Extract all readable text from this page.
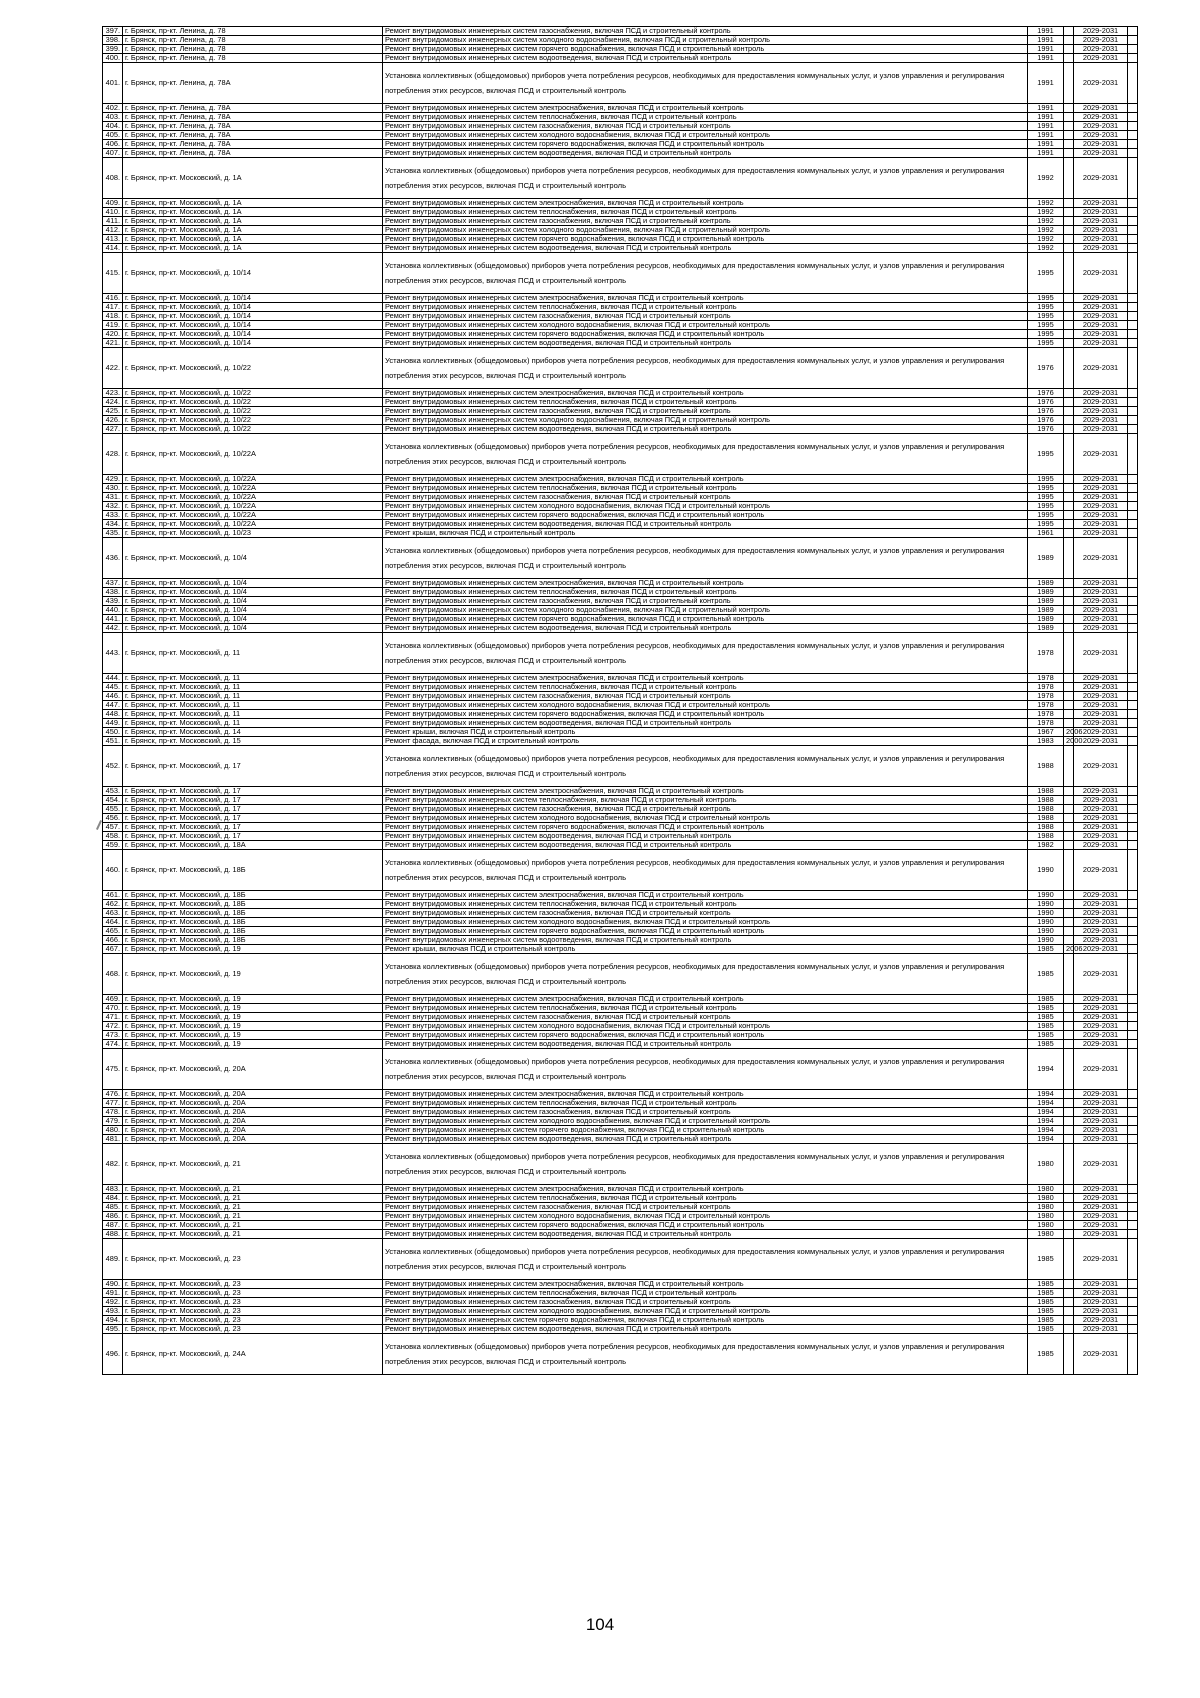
397.	г. Брянск, пр-кт. Ленина, д. 78	Ремонт внутридомовых инженерных систем газоснабжения, включая ПСД и строительный контроль	1991		2029-2031	
398.	г. Брянск, пр-кт. Ленина, д. 78	Ремонт внутридомовых инженерных систем холодного водоснабжения, включая ПСД и строительный контроль	1991		2029-2031	
399.	г. Брянск, пр-кт. Ленина, д. 78	Ремонт внутридомовых инженерных систем горячего водоснабжения, включая ПСД и строительный контроль	1991		2029-2031	
400.	г. Брянск, пр-кт. Ленина, д. 78	Ремонт внутридомовых инженерных систем водоотведения, включая ПСД и строительный контроль	1991		2029-2031	
401.	г. Брянск, пр-кт. Ленина, д. 78А	Установка коллективных (общедомовых) приборов учета потребления ресурсов, необходимых для предоставления коммунальных услуг, и узлов управления и регулирования потребления этих ресурсов, включая ПСД и строительный контроль	1991		2029-2031	
402.	г. Брянск, пр-кт. Ленина, д. 78А	Ремонт внутридомовых инженерных систем электроснабжения, включая ПСД и строительный контроль	1991		2029-2031	
403.	г. Брянск, пр-кт. Ленина, д. 78А	Ремонт внутридомовых инженерных систем теплоснабжения, включая ПСД и строительный контроль	1991		2029-2031	
404.	г. Брянск, пр-кт. Ленина, д. 78А	Ремонт внутридомовых инженерных систем газоснабжения, включая ПСД и строительный контроль	1991		2029-2031	
405.	г. Брянск, пр-кт. Ленина, д. 78А	Ремонт внутридомовых инженерных систем холодного водоснабжения, включая ПСД и строительный контроль	1991		2029-2031	
406.	г. Брянск, пр-кт. Ленина, д. 78А	Ремонт внутридомовых инженерных систем горячего водоснабжения, включая ПСД и строительный контроль	1991		2029-2031	
407.	г. Брянск, пр-кт. Ленина, д. 78А	Ремонт внутридомовых инженерных систем водоотведения, включая ПСД и строительный контроль	1991		2029-2031	
408.	г. Брянск, пр-кт. Московский, д. 1А	Установка коллективных (общедомовых) приборов учета потребления ресурсов, необходимых для предоставления коммунальных услуг, и узлов управления и регулирования потребления этих ресурсов, включая ПСД и строительный контроль	1992		2029-2031	
409.	г. Брянск, пр-кт. Московский, д. 1А	Ремонт внутридомовых инженерных систем электроснабжения, включая ПСД и строительный контроль	1992		2029-2031	
410.	г. Брянск, пр-кт. Московский, д. 1А	Ремонт внутридомовых инженерных систем теплоснабжения, включая ПСД и строительный контроль	1992		2029-2031	
411.	г. Брянск, пр-кт. Московский, д. 1А	Ремонт внутридомовых инженерных систем газоснабжения, включая ПСД и строительный контроль	1992		2029-2031	
412.	г. Брянск, пр-кт. Московский, д. 1А	Ремонт внутридомовых инженерных систем холодного водоснабжения, включая ПСД и строительный контроль	1992		2029-2031	
413.	г. Брянск, пр-кт. Московский, д. 1А	Ремонт внутридомовых инженерных систем горячего водоснабжения, включая ПСД и строительный контроль	1992		2029-2031	
414.	г. Брянск, пр-кт. Московский, д. 1А	Ремонт внутридомовых инженерных систем водоотведения, включая ПСД и строительный контроль	1992		2029-2031	
415.	г. Брянск, пр-кт. Московский, д. 10/14	Установка коллективных (общедомовых) приборов учета потребления ресурсов, необходимых для предоставления коммунальных услуг, и узлов управления и регулирования потребления этих ресурсов, включая ПСД и строительный контроль	1995		2029-2031	
416.	г. Брянск, пр-кт. Московский, д. 10/14	Ремонт внутридомовых инженерных систем электроснабжения, включая ПСД и строительный контроль	1995		2029-2031	
417.	г. Брянск, пр-кт. Московский, д. 10/14	Ремонт внутридомовых инженерных систем теплоснабжения, включая ПСД и строительный контроль	1995		2029-2031	
418.	г. Брянск, пр-кт. Московский, д. 10/14	Ремонт внутридомовых инженерных систем газоснабжения, включая ПСД и строительный контроль	1995		2029-2031	
419.	г. Брянск, пр-кт. Московский, д. 10/14	Ремонт внутридомовых инженерных систем холодного водоснабжения, включая ПСД и строительный контроль	1995		2029-2031	
420.	г. Брянск, пр-кт. Московский, д. 10/14	Ремонт внутридомовых инженерных систем горячего водоснабжения, включая ПСД и строительный контроль	1995		2029-2031	
421.	г. Брянск, пр-кт. Московский, д. 10/14	Ремонт внутридомовых инженерных систем водоотведения, включая ПСД и строительный контроль	1995		2029-2031	
422.	г. Брянск, пр-кт. Московский, д. 10/22	Установка коллективных (общедомовых) приборов учета потребления ресурсов, необходимых для предоставления коммунальных услуг, и узлов управления и регулирования потребления этих ресурсов, включая ПСД и строительный контроль	1976		2029-2031	
423.	г. Брянск, пр-кт. Московский, д. 10/22	Ремонт внутридомовых инженерных систем электроснабжения, включая ПСД и строительный контроль	1976		2029-2031	
424.	г. Брянск, пр-кт. Московский, д. 10/22	Ремонт внутридомовых инженерных систем теплоснабжения, включая ПСД и строительный контроль	1976		2029-2031	
425.	г. Брянск, пр-кт. Московский, д. 10/22	Ремонт внутридомовых инженерных систем газоснабжения, включая ПСД и строительный контроль	1976		2029-2031	
426.	г. Брянск, пр-кт. Московский, д. 10/22	Ремонт внутридомовых инженерных систем холодного водоснабжения, включая ПСД и строительный контроль	1976		2029-2031	
427.	г. Брянск, пр-кт. Московский, д. 10/22	Ремонт внутридомовых инженерных систем водоотведения, включая ПСД и строительный контроль	1976		2029-2031	
428.	г. Брянск, пр-кт. Московский, д. 10/22А	Установка коллективных (общедомовых) приборов учета потребления ресурсов, необходимых для предоставления коммунальных услуг, и узлов управления и регулирования потребления этих ресурсов, включая ПСД и строительный контроль	1995		2029-2031	
429.	г. Брянск, пр-кт. Московский, д. 10/22А	Ремонт внутридомовых инженерных систем электроснабжения, включая ПСД и строительный контроль	1995		2029-2031	
430.	г. Брянск, пр-кт. Московский, д. 10/22А	Ремонт внутридомовых инженерных систем теплоснабжения, включая ПСД и строительный контроль	1995		2029-2031	
431.	г. Брянск, пр-кт. Московский, д. 10/22А	Ремонт внутридомовых инженерных систем газоснабжения, включая ПСД и строительный контроль	1995		2029-2031	
432.	г. Брянск, пр-кт. Московский, д. 10/22А	Ремонт внутридомовых инженерных систем холодного водоснабжения, включая ПСД и строительный контроль	1995		2029-2031	
433.	г. Брянск, пр-кт. Московский, д. 10/22А	Ремонт внутридомовых инженерных систем горячего водоснабжения, включая ПСД и строительный контроль	1995		2029-2031	
434.	г. Брянск, пр-кт. Московский, д. 10/22А	Ремонт внутридомовых инженерных систем водоотведения, включая ПСД и строительный контроль	1995		2029-2031	
435.	г. Брянск, пр-кт. Московский, д. 10/23	Ремонт крыши, включая ПСД и строительный контроль	1961		2029-2031	
436.	г. Брянск, пр-кт. Московский, д. 10/4	Установка коллективных (общедомовых) приборов учета потребления ресурсов, необходимых для предоставления коммунальных услуг, и узлов управления и регулирования потребления этих ресурсов, включая ПСД и строительный контроль	1989		2029-2031	
437.	г. Брянск, пр-кт. Московский, д. 10/4	Ремонт внутридомовых инженерных систем электроснабжения, включая ПСД и строительный контроль	1989		2029-2031	
438.	г. Брянск, пр-кт. Московский, д. 10/4	Ремонт внутридомовых инженерных систем теплоснабжения, включая ПСД и строительный контроль	1989		2029-2031	
439.	г. Брянск, пр-кт. Московский, д. 10/4	Ремонт внутридомовых инженерных систем газоснабжения, включая ПСД и строительный контроль	1989		2029-2031	
440.	г. Брянск, пр-кт. Московский, д. 10/4	Ремонт внутридомовых инженерных систем холодного водоснабжения, включая ПСД и строительный контроль	1989		2029-2031	
441.	г. Брянск, пр-кт. Московский, д. 10/4	Ремонт внутридомовых инженерных систем горячего водоснабжения, включая ПСД и строительный контроль	1989		2029-2031	
442.	г. Брянск, пр-кт. Московский, д. 10/4	Ремонт внутридомовых инженерных систем водоотведения, включая ПСД и строительный контроль	1989		2029-2031	
443.	г. Брянск, пр-кт. Московский, д. 11	Установка коллективных (общедомовых) приборов учета потребления ресурсов, необходимых для предоставления коммунальных услуг, и узлов управления и регулирования потребления этих ресурсов, включая ПСД и строительный контроль	1978		2029-2031	
444.	г. Брянск, пр-кт. Московский, д. 11	Ремонт внутридомовых инженерных систем электроснабжения, включая ПСД и строительный контроль	1978		2029-2031	
445.	г. Брянск, пр-кт. Московский, д. 11	Ремонт внутридомовых инженерных систем теплоснабжения, включая ПСД и строительный контроль	1978		2029-2031	
446.	г. Брянск, пр-кт. Московский, д. 11	Ремонт внутридомовых инженерных систем газоснабжения, включая ПСД и строительный контроль	1978		2029-2031	
447.	г. Брянск, пр-кт. Московский, д. 11	Ремонт внутридомовых инженерных систем холодного водоснабжения, включая ПСД и строительный контроль	1978		2029-2031	
448.	г. Брянск, пр-кт. Московский, д. 11	Ремонт внутридомовых инженерных систем горячего водоснабжения, включая ПСД и строительный контроль	1978		2029-2031	
449.	г. Брянск, пр-кт. Московский, д. 11	Ремонт внутридомовых инженерных систем водоотведения, включая ПСД и строительный контроль	1978		2029-2031	
450.	г. Брянск, пр-кт. Московский, д. 14	Ремонт крыши, включая ПСД и строительный контроль	1967	2006	2029-2031	
451.	г. Брянск, пр-кт. Московский, д. 15	Ремонт фасада, включая ПСД и строительный контроль	1983	2000	2029-2031	
452.	г. Брянск, пр-кт. Московский, д. 17	Установка коллективных (общедомовых) приборов учета потребления ресурсов, необходимых для предоставления коммунальных услуг, и узлов управления и регулирования потребления этих ресурсов, включая ПСД и строительный контроль	1988		2029-2031	
453.	г. Брянск, пр-кт. Московский, д. 17	Ремонт внутридомовых инженерных систем электроснабжения, включая ПСД и строительный контроль	1988		2029-2031	
454.	г. Брянск, пр-кт. Московский, д. 17	Ремонт внутридомовых инженерных систем теплоснабжения, включая ПСД и строительный контроль	1988		2029-2031	
455.	г. Брянск, пр-кт. Московский, д. 17	Ремонт внутридомовых инженерных систем газоснабжения, включая ПСД и строительный контроль	1988		2029-2031	
456.	г. Брянск, пр-кт. Московский, д. 17	Ремонт внутридомовых инженерных систем холодного водоснабжения, включая ПСД и строительный контроль	1988		2029-2031	
457.	г. Брянск, пр-кт. Московский, д. 17	Ремонт внутридомовых инженерных систем горячего водоснабжения, включая ПСД и строительный контроль	1988		2029-2031	
458.	г. Брянск, пр-кт. Московский, д. 17	Ремонт внутридомовых инженерных систем водоотведения, включая ПСД и строительный контроль	1988		2029-2031	
459.	г. Брянск, пр-кт. Московский, д. 18А	Ремонт внутридомовых инженерных систем водоотведения, включая ПСД и строительный контроль	1982		2029-2031	
460.	г. Брянск, пр-кт. Московский, д. 18Б	Установка коллективных (общедомовых) приборов учета потребления ресурсов, необходимых для предоставления коммунальных услуг, и узлов управления и регулирования потребления этих ресурсов, включая ПСД и строительный контроль	1990		2029-2031	
461.	г. Брянск, пр-кт. Московский, д. 18Б	Ремонт внутридомовых инженерных систем электроснабжения, включая ПСД и строительный контроль	1990		2029-2031	
462.	г. Брянск, пр-кт. Московский, д. 18Б	Ремонт внутридомовых инженерных систем теплоснабжения, включая ПСД и строительный контроль	1990		2029-2031	
463.	г. Брянск, пр-кт. Московский, д. 18Б	Ремонт внутридомовых инженерных систем газоснабжения, включая ПСД и строительный контроль	1990		2029-2031	
464.	г. Брянск, пр-кт. Московский, д. 18Б	Ремонт внутридомовых инженерных систем холодного водоснабжения, включая ПСД и строительный контроль	1990		2029-2031	
465.	г. Брянск, пр-кт. Московский, д. 18Б	Ремонт внутридомовых инженерных систем горячего водоснабжения, включая ПСД и строительный контроль	1990		2029-2031	
466.	г. Брянск, пр-кт. Московский, д. 18Б	Ремонт внутридомовых инженерных систем водоотведения, включая ПСД и строительный контроль	1990		2029-2031	
467.	г. Брянск, пр-кт. Московский, д. 19	Ремонт крыши, включая ПСД и строительный контроль	1985	2006	2029-2031	
468.	г. Брянск, пр-кт. Московский, д. 19	Установка коллективных (общедомовых) приборов учета потребления ресурсов, необходимых для предоставления коммунальных услуг, и узлов управления и регулирования потребления этих ресурсов, включая ПСД и строительный контроль	1985		2029-2031	
469.	г. Брянск, пр-кт. Московский, д. 19	Ремонт внутридомовых инженерных систем электроснабжения, включая ПСД и строительный контроль	1985		2029-2031	
470.	г. Брянск, пр-кт. Московский, д. 19	Ремонт внутридомовых инженерных систем теплоснабжения, включая ПСД и строительный контроль	1985		2029-2031	
471.	г. Брянск, пр-кт. Московский, д. 19	Ремонт внутридомовых инженерных систем газоснабжения, включая ПСД и строительный контроль	1985		2029-2031	
472.	г. Брянск, пр-кт. Московский, д. 19	Ремонт внутридомовых инженерных систем холодного водоснабжения, включая ПСД и строительный контроль	1985		2029-2031	
473.	г. Брянск, пр-кт. Московский, д. 19	Ремонт внутридомовых инженерных систем горячего водоснабжения, включая ПСД и строительный контроль	1985		2029-2031	
474.	г. Брянск, пр-кт. Московский, д. 19	Ремонт внутридомовых инженерных систем водоотведения, включая ПСД и строительный контроль	1985		2029-2031	
475.	г. Брянск, пр-кт. Московский, д. 20А	Установка коллективных (общедомовых) приборов учета потребления ресурсов, необходимых для предоставления коммунальных услуг, и узлов управления и регулирования потребления этих ресурсов, включая ПСД и строительный контроль	1994		2029-2031	
476.	г. Брянск, пр-кт. Московский, д. 20А	Ремонт внутридомовых инженерных систем электроснабжения, включая ПСД и строительный контроль	1994		2029-2031	
477.	г. Брянск, пр-кт. Московский, д. 20А	Ремонт внутридомовых инженерных систем теплоснабжения, включая ПСД и строительный контроль	1994		2029-2031	
478.	г. Брянск, пр-кт. Московский, д. 20А	Ремонт внутридомовых инженерных систем газоснабжения, включая ПСД и строительный контроль	1994		2029-2031	
479.	г. Брянск, пр-кт. Московский, д. 20А	Ремонт внутридомовых инженерных систем холодного водоснабжения, включая ПСД и строительный контроль	1994		2029-2031	
480.	г. Брянск, пр-кт. Московский, д. 20А	Ремонт внутридомовых инженерных систем горячего водоснабжения, включая ПСД и строительный контроль	1994		2029-2031	
481.	г. Брянск, пр-кт. Московский, д. 20А	Ремонт внутридомовых инженерных систем водоотведения, включая ПСД и строительный контроль	1994		2029-2031	
482.	г. Брянск, пр-кт. Московский, д. 21	Установка коллективных (общедомовых) приборов учета потребления ресурсов, необходимых для предоставления коммунальных услуг, и узлов управления и регулирования потребления этих ресурсов, включая ПСД и строительный контроль	1980		2029-2031	
483.	г. Брянск, пр-кт. Московский, д. 21	Ремонт внутридомовых инженерных систем электроснабжения, включая ПСД и строительный контроль	1980		2029-2031	
484.	г. Брянск, пр-кт. Московский, д. 21	Ремонт внутридомовых инженерных систем теплоснабжения, включая ПСД и строительный контроль	1980		2029-2031	
485.	г. Брянск, пр-кт. Московский, д. 21	Ремонт внутридомовых инженерных систем газоснабжения, включая ПСД и строительный контроль	1980		2029-2031	
486.	г. Брянск, пр-кт. Московский, д. 21	Ремонт внутридомовых инженерных систем холодного водоснабжения, включая ПСД и строительный контроль	1980		2029-2031	
487.	г. Брянск, пр-кт. Московский, д. 21	Ремонт внутридомовых инженерных систем горячего водоснабжения, включая ПСД и строительный контроль	1980		2029-2031	
488.	г. Брянск, пр-кт. Московский, д. 21	Ремонт внутридомовых инженерных систем водоотведения, включая ПСД и строительный контроль	1980		2029-2031	
489.	г. Брянск, пр-кт. Московский, д. 23	Установка коллективных (общедомовых) приборов учета потребления ресурсов, необходимых для предоставления коммунальных услуг, и узлов управления и регулирования потребления этих ресурсов, включая ПСД и строительный контроль	1985		2029-2031	
490.	г. Брянск, пр-кт. Московский, д. 23	Ремонт внутридомовых инженерных систем электроснабжения, включая ПСД и строительный контроль	1985		2029-2031	
491.	г. Брянск, пр-кт. Московский, д. 23	Ремонт внутридомовых инженерных систем теплоснабжения, включая ПСД и строительный контроль	1985		2029-2031	
492.	г. Брянск, пр-кт. Московский, д. 23	Ремонт внутридомовых инженерных систем газоснабжения, включая ПСД и строительный контроль	1985		2029-2031	
493.	г. Брянск, пр-кт. Московский, д. 23	Ремонт внутридомовых инженерных систем холодного водоснабжения, включая ПСД и строительный контроль	1985		2029-2031	
494.	г. Брянск, пр-кт. Московский, д. 23	Ремонт внутридомовых инженерных систем горячего водоснабжения, включая ПСД и строительный контроль	1985		2029-2031	
495.	г. Брянск, пр-кт. Московский, д. 23	Ремонт внутридомовых инженерных систем водоотведения, включая ПСД и строительный контроль	1985		2029-2031	
496.	г. Брянск, пр-кт. Московский, д. 24А	Установка коллективных (общедомовых) приборов учета потребления ресурсов, необходимых для предоставления коммунальных услуг, и узлов управления и регулирования потребления этих ресурсов, включая ПСД и строительный контроль	1985		2029-2031	
104
